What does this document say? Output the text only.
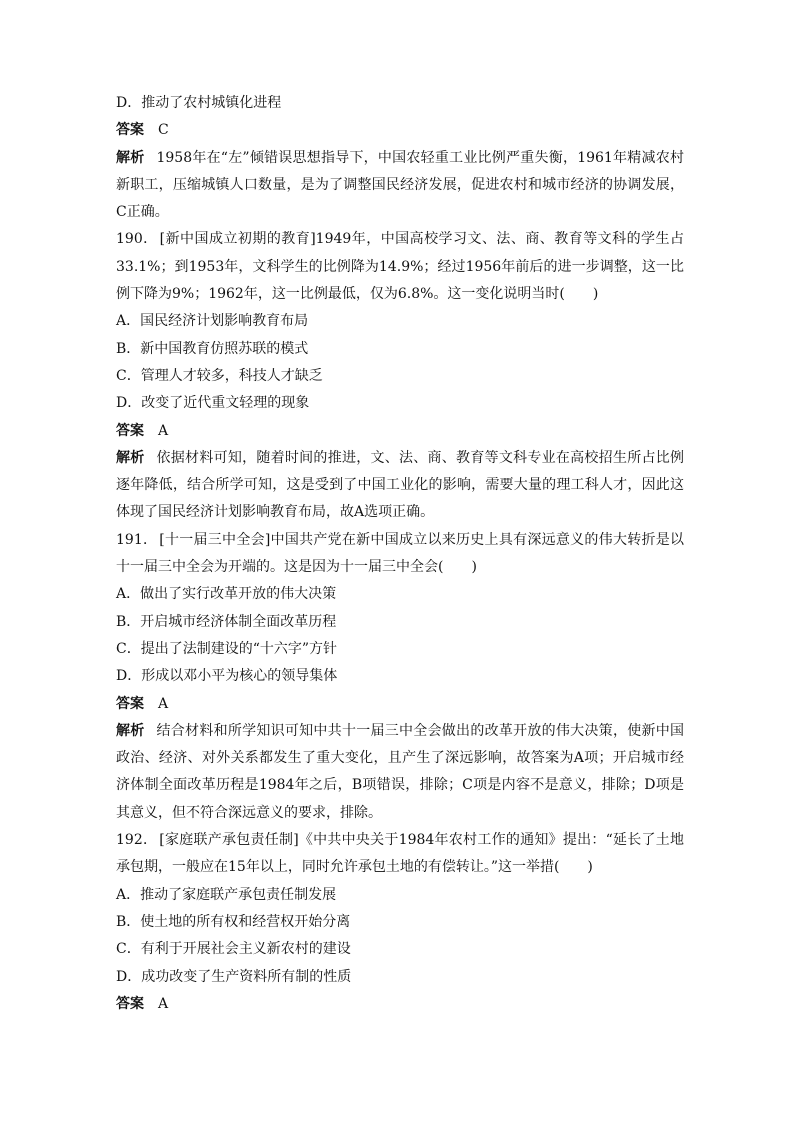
D．推动了农村城镇化进程

答案 C

解析 1958年在“左”倾错误思想指导下，中国农轻重工业比例严重失衡，1961年精减农村新职工，压缩城镇人口数量，是为了调整国民经济发展，促进农村和城市经济的协调发展，C正确。

190． [新中国成立初期的教育]1949年，中国高校学习文、法、商、教育等文科的学生占33.1%；到1953年，文科学生的比例降为14.9%；经过1956年前后的进一步调整，这一比例下降为9%；1962年，这一比例最低，仅为6.8%。这一变化说明当时(　　)

A．国民经济计划影响教育布局

B．新中国教育仿照苏联的模式

C．管理人才较多，科技人才缺乏

D．改变了近代重文轻理的现象

答案 A

解析 依据材料可知，随着时间的推进，文、法、商、教育等文科专业在高校招生所占比例逐年降低，结合所学可知，这是受到了中国工业化的影响，需要大量的理工科人才，因此这体现了国民经济计划影响教育布局，故A选项正确。

191． [十一届三中全会]中国共产党在新中国成立以来历史上具有深远意义的伟大转折是以十一届三中全会为开端的。这是因为十一届三中全会(　　)

A．做出了实行改革开放的伟大决策

B．开启城市经济体制全面改革历程

C．提出了法制建设的“十六字”方针

D．形成以邓小平为核心的领导集体

答案 A

解析 结合材料和所学知识可知中共十一届三中全会做出的改革开放的伟大决策，使新中国政治、经济、对外关系都发生了重大变化，且产生了深远影响，故答案为A项；开启城市经济体制全面改革历程是1984年之后，B项错误，排除；C项是内容不是意义，排除；D项是其意义，但不符合深远意义的要求，排除。

192． [家庭联产承包责任制]《中共中央关于1984年农村工作的通知》提出：“延长了土地承包期，一般应在15年以上，同时允许承包土地的有偿转让。”这一举措(　　)

A．推动了家庭联产承包责任制发展

B．使土地的所有权和经营权开始分离

C．有利于开展社会主义新农村的建设

D．成功改变了生产资料所有制的性质

答案 A
